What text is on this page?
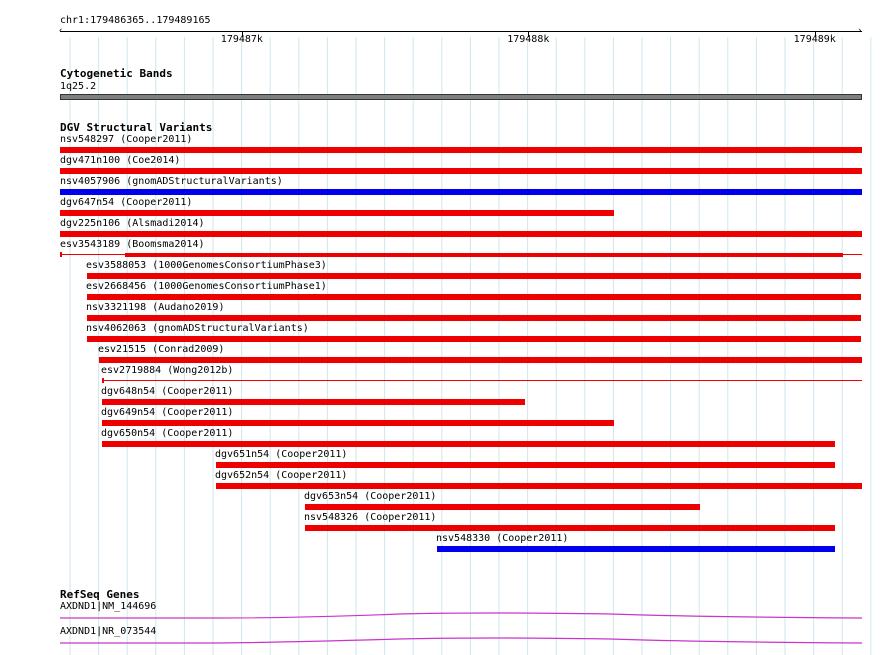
chr1:179486365..179489165
‹	›
179487k	179488k	179489k
Cytogenetic Bands
1q25.2
DGV Structural Variants
nsv548297 (Cooper2011)
dgv471n100 (Coe2014)
nsv4057906 (gnomADStructuralVariants)
dgv647n54 (Cooper2011)
dgv225n106 (Alsmadi2014)
esv3543189 (Boomsma2014)
esv3588053 (1000GenomesConsortiumPhase3)
esv2668456 (1000GenomesConsortiumPhase1)
nsv3321198 (Audano2019)
nsv4062063 (gnomADStructuralVariants)
esv21515 (Conrad2009)
esv2719884 (Wong2012b)
dgv648n54 (Cooper2011)
dgv649n54 (Cooper2011)
dgv650n54 (Cooper2011)
dgv651n54 (Cooper2011)
dgv652n54 (Cooper2011)
dgv653n54 (Cooper2011)
nsv548326 (Cooper2011)
nsv548330 (Cooper2011)
RefSeq Genes
AXDND1|NM_144696
AXDND1|NR_073544
